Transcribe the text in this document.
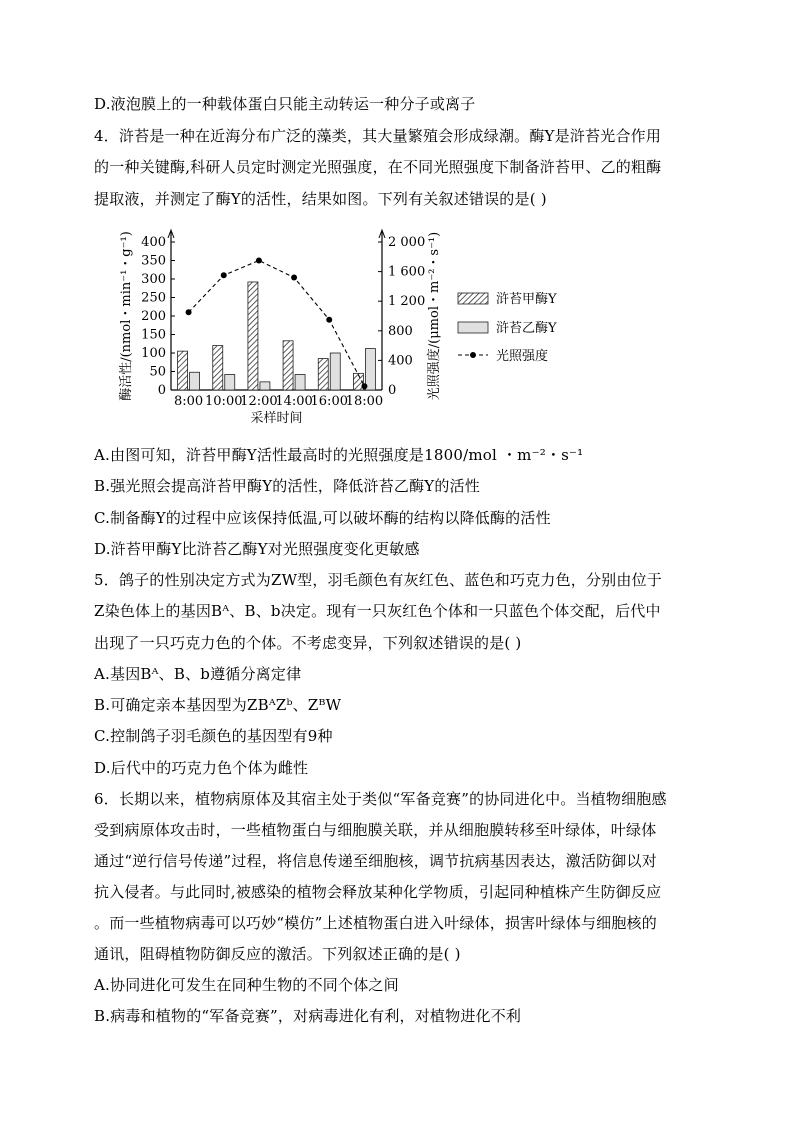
D.液泡膜上的一种载体蛋白只能主动转运一种分子或离子
4．浒苔是一种在近海分布广泛的藻类，其大量繁殖会形成绿潮。酶Y是浒苔光合作用
的一种关键酶,科研人员定时测定光照强度，在不同光照强度下制备浒苔甲、乙的粗酶
提取液，并测定了酶Y的活性，结果如图。下列有关叙述错误的是( )
0
50
100
150
200
250
300
350
400
0
400
800
1 200
1 600
2 000
8:00 10:00
12:00
14:00
16:00
18:00
采样时间
酶活性/(nmol・min⁻¹・g⁻¹)	光照强度/(μmol・m⁻²・s⁻¹)	浒苔甲酶Y
浒苔乙酶Y
光照强度
A.由图可知，浒苔甲酶Y活性最高时的光照强度是1800/mol ・m⁻²・s⁻¹
B.强光照会提高浒苔甲酶Y的活性，降低浒苔乙酶Y的活性
C.制备酶Y的过程中应该保持低温,可以破坏酶的结构以降低酶的活性
D.浒苔甲酶Y比浒苔乙酶Y对光照强度变化更敏感
5．鸽子的性别决定方式为ZW型，羽毛颜色有灰红色、蓝色和巧克力色，分别由位于
Z染色体上的基因Bᴬ、B、b决定。现有一只灰红色个体和一只蓝色个体交配，后代中
出现了一只巧克力色的个体。不考虑变异，下列叙述错误的是( )
A.基因Bᴬ、B、b遵循分离定律
B.可确定亲本基因型为ZBᴬZᵇ、ZᴮW
C.控制鸽子羽毛颜色的基因型有9种
D.后代中的巧克力色个体为雌性
6．长期以来，植物病原体及其宿主处于类似“军备竞赛”的协同进化中。当植物细胞感
受到病原体攻击时，一些植物蛋白与细胞膜关联，并从细胞膜转移至叶绿体，叶绿体
通过“逆行信号传递”过程，将信息传递至细胞核，调节抗病基因表达，激活防御以对
抗入侵者。与此同时,被感染的植物会释放某种化学物质，引起同种植株产生防御反应
。而一些植物病毒可以巧妙“模仿”上述植物蛋白进入叶绿体，损害叶绿体与细胞核的
通讯，阻碍植物防御反应的激活。下列叙述正确的是( )
A.协同进化可发生在同种生物的不同个体之间
B.病毒和植物的“军备竞赛”，对病毒进化有利，对植物进化不利
